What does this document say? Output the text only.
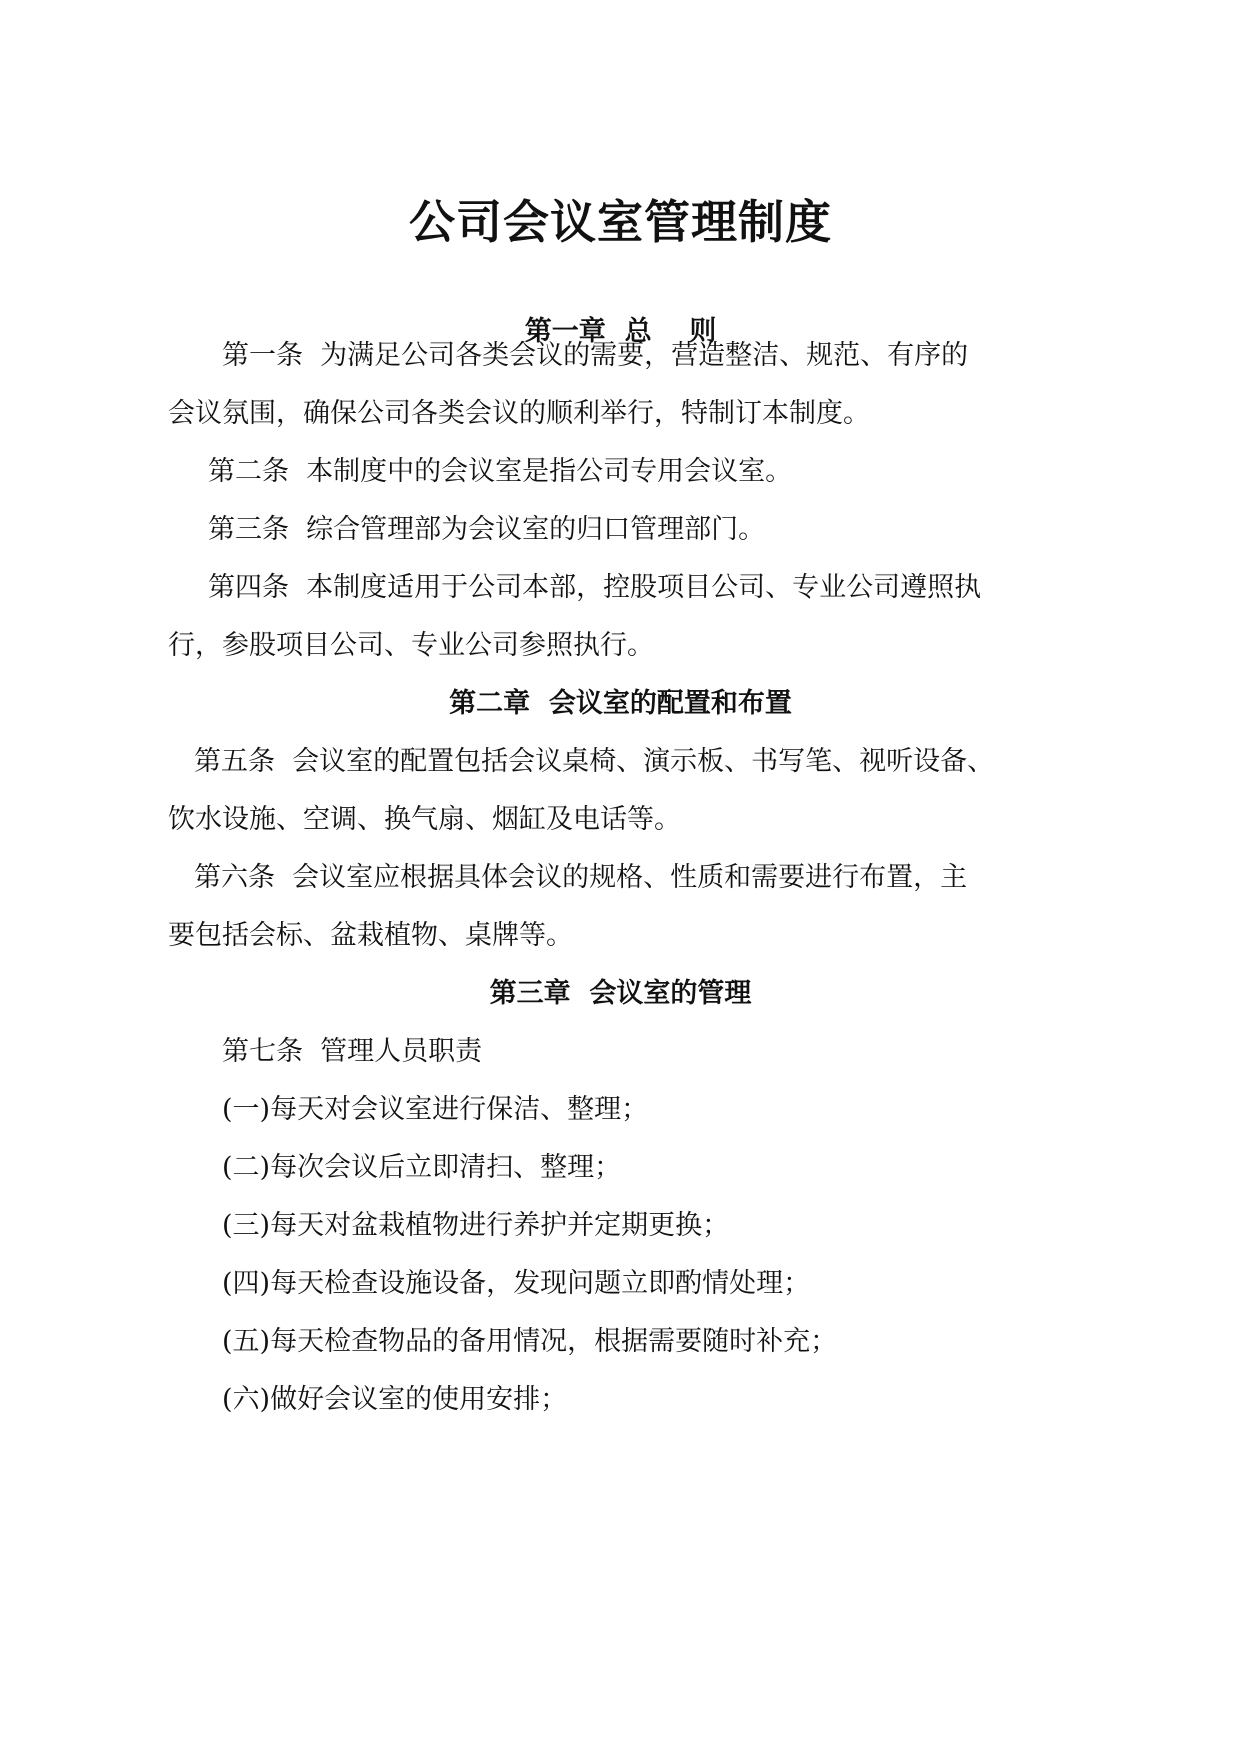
公司会议室管理制度
第一章  总    则

第一条  为满足公司各类会议的需要，营造整洁、规范、有序的

会议氛围，确保公司各类会议的顺利举行，特制订本制度。

第二条  本制度中的会议室是指公司专用会议室。

第三条  综合管理部为会议室的归口管理部门。

第四条  本制度适用于公司本部，控股项目公司、专业公司遵照执

行，参股项目公司、专业公司参照执行。

第二章  会议室的配置和布置

第五条  会议室的配置包括会议桌椅、演示板、书写笔、视听设备、

饮水设施、空调、换气扇、烟缸及电话等。

第六条  会议室应根据具体会议的规格、性质和需要进行布置，主

要包括会标、盆栽植物、桌牌等。

第三章  会议室的管理

第七条  管理人员职责

(一)每天对会议室进行保洁、整理；

(二)每次会议后立即清扫、整理；

(三)每天对盆栽植物进行养护并定期更换；

(四)每天检查设施设备，发现问题立即酌情处理；

(五)每天检查物品的备用情况，根据需要随时补充；

(六)做好会议室的使用安排；
